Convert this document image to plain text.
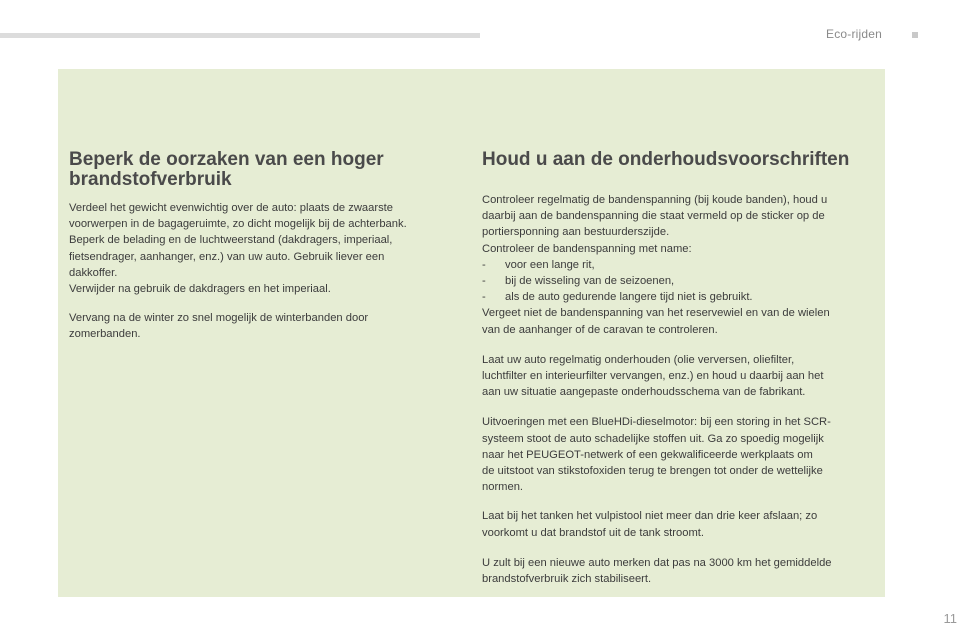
Eco-rijden
Beperk de oorzaken van een hoger
brandstofverbruik

Verdeel het gewicht evenwichtig over de auto: plaats de zwaarste
voorwerpen in de bagageruimte, zo dicht mogelijk bij de achterbank.
Beperk de belading en de luchtweerstand (dakdragers, imperiaal,
fietsendrager, aanhanger, enz.) van uw auto. Gebruik liever een
dakkoffer.
Verwijder na gebruik de dakdragers en het imperiaal.

Vervang na de winter zo snel mogelijk de winterbanden door
zomerbanden.

Houd u aan de onderhoudsvoorschriften

Controleer regelmatig de bandenspanning (bij koude banden), houd u
daarbij aan de bandenspanning die staat vermeld op de sticker op de
portiersponning aan bestuurderszijde.
Controleer de bandenspanning met name:
- voor een lange rit,
- bij de wisseling van de seizoenen,
- als de auto gedurende langere tijd niet is gebruikt.
Vergeet niet de bandenspanning van het reservewiel en van de wielen
van de aanhanger of de caravan te controleren.

Laat uw auto regelmatig onderhouden (olie verversen, oliefilter,
luchtfilter en interieurfilter vervangen, enz.) en houd u daarbij aan het
aan uw situatie aangepaste onderhoudsschema van de fabrikant.

Uitvoeringen met een BlueHDi-dieselmotor: bij een storing in het SCR-
systeem stoot de auto schadelijke stoffen uit. Ga zo spoedig mogelijk
naar het PEUGEOT-netwerk of een gekwalificeerde werkplaats om
de uitstoot van stikstofoxiden terug te brengen tot onder de wettelijke
normen.

Laat bij het tanken het vulpistool niet meer dan drie keer afslaan; zo
voorkomt u dat brandstof uit de tank stroomt.

U zult bij een nieuwe auto merken dat pas na 3000 km het gemiddelde
brandstofverbruik zich stabiliseert.

11
